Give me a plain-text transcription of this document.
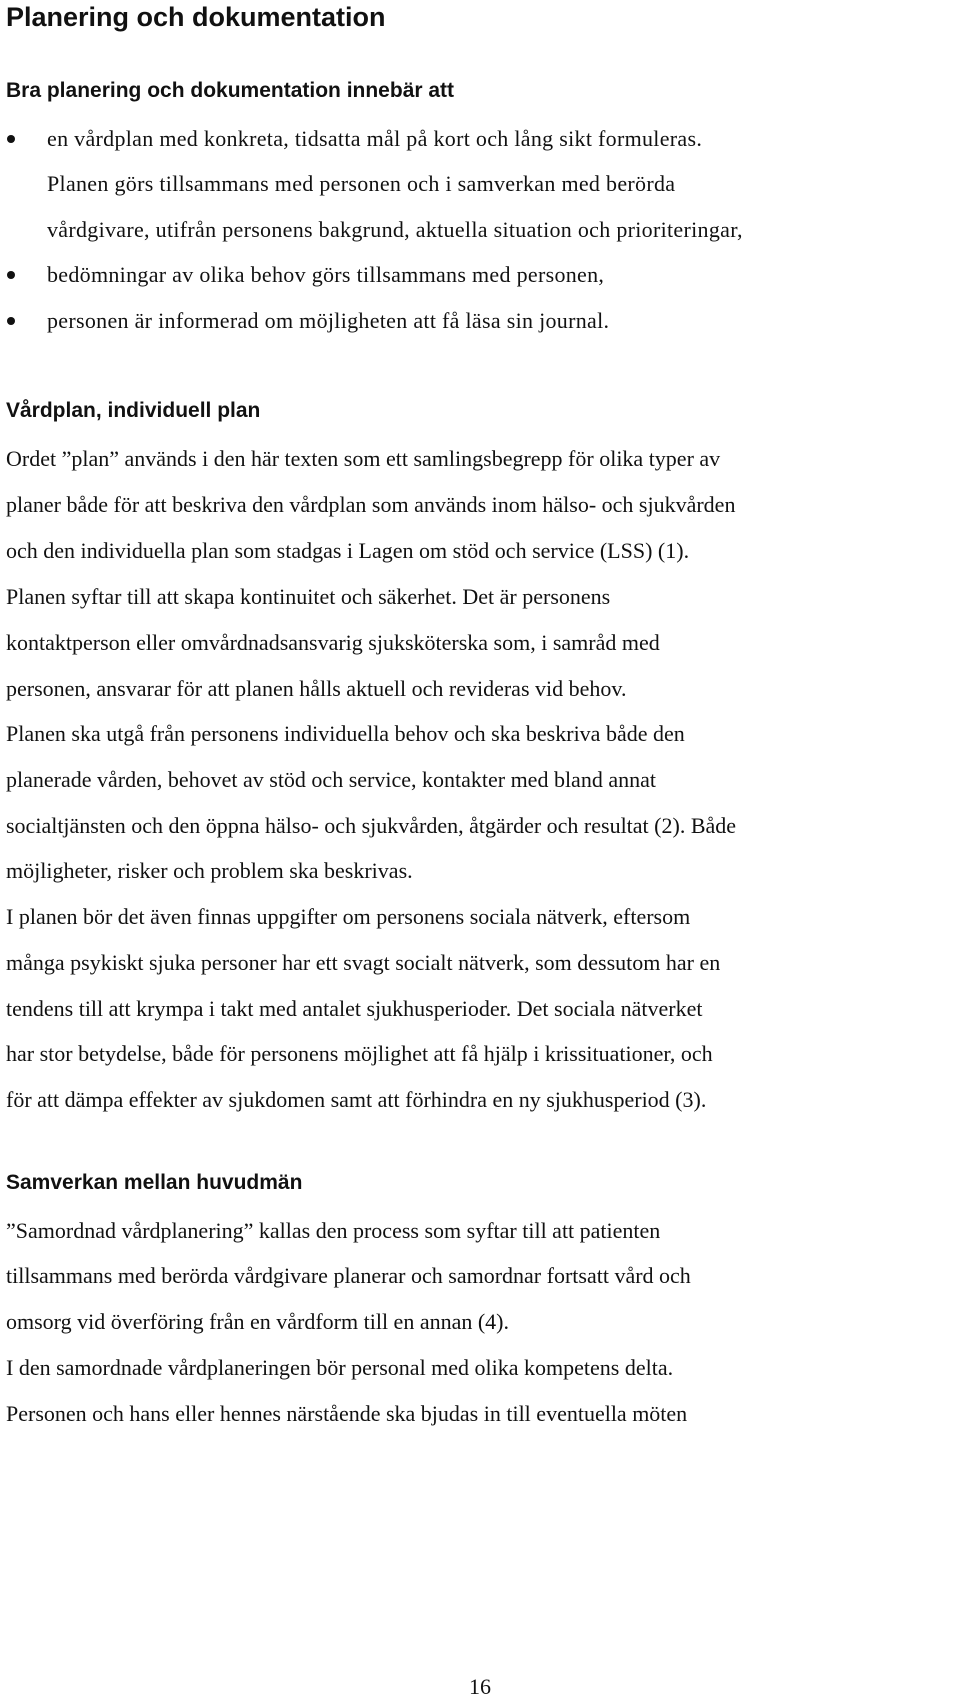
Planering och dokumentation
Bra planering och dokumentation innebär att
en vårdplan med konkreta, tidsatta mål på kort och lång sikt formuleras.
Planen görs tillsammans med personen och i samverkan med berörda
vårdgivare, utifrån personens bakgrund, aktuella situation och prioriteringar,
bedömningar av olika behov görs tillsammans med personen,
personen är informerad om möjligheten att få läsa sin journal.
Vårdplan, individuell plan
Ordet ”plan” används i den här texten som ett samlingsbegrepp för olika typer av
planer både för att beskriva den vårdplan som används inom hälso- och sjukvården
och den individuella plan som stadgas i Lagen om stöd och service (LSS) (1).
Planen syftar till att skapa kontinuitet och säkerhet. Det är personens
kontaktperson eller omvårdnadsansvarig sjuksköterska som, i samråd med
personen, ansvarar för att planen hålls aktuell och revideras vid behov.
Planen ska utgå från personens individuella behov och ska beskriva både den
planerade vården, behovet av stöd och service, kontakter med bland annat
socialtjänsten och den öppna hälso- och sjukvården, åtgärder och resultat (2). Både
möjligheter, risker och problem ska beskrivas.
I planen bör det även finnas uppgifter om personens sociala nätverk, eftersom
många psykiskt sjuka personer har ett svagt socialt nätverk, som dessutom har en
tendens till att krympa i takt med antalet sjukhusperioder. Det sociala nätverket
har stor betydelse, både för personens möjlighet att få hjälp i krissituationer, och
för att dämpa effekter av sjukdomen samt att förhindra en ny sjukhusperiod (3).
Samverkan mellan huvudmän
”Samordnad vårdplanering” kallas den process som syftar till att patienten
tillsammans med berörda vårdgivare planerar och samordnar fortsatt vård och
omsorg vid överföring från en vårdform till en annan (4).
I den samordnade vårdplaneringen bör personal med olika kompetens delta.
Personen och hans eller hennes närstående ska bjudas in till eventuella möten
16
